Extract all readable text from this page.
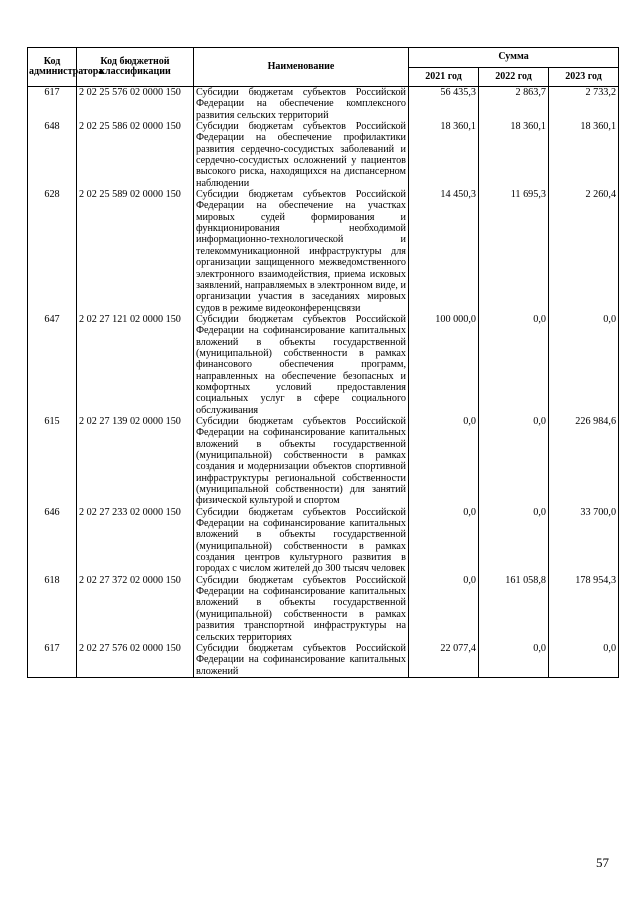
Код администратора	Код бюджетной классификации	Наименование	Сумма		
			2021 год	2022 год	2023 год
617	2 02 25 576 02 0000 150	Субсидии бюджетам субъектов Российской Федерации на обеспечение комплексного развития сельских территорий	56 435,3	2 863,7	2 733,2
648	2 02 25 586 02 0000 150	Субсидии бюджетам субъектов Российской Федерации на обеспечение профилактики развития сердечно-сосудистых заболеваний и сердечно-сосудистых осложнений у пациентов высокого риска, находящихся на диспансерном наблюдении	18 360,1	18 360,1	18 360,1
628	2 02 25 589 02 0000 150	Субсидии бюджетам субъектов Российской Федерации на обеспечение на участках мировых судей формирования и функционирования необходимой информационно-технологической и телекоммуникационной инфраструктуры для организации защищенного межведомственного электронного взаимодействия, приема исковых заявлений, направляемых в электронном виде, и организации участия в заседаниях мировых судов в режиме видеоконференцсвязи	14 450,3	11 695,3	2 260,4
647	2 02 27 121 02 0000 150	Субсидии бюджетам субъектов Российской Федерации на софинансирование капитальных вложений в объекты государственной (муниципальной) собственности в рамках финансового обеспечения программ, направленных на обеспечение безопасных и комфортных условий предоставления социальных услуг в сфере социального обслуживания	100 000,0	0,0	0,0
615	2 02 27 139 02 0000 150	Субсидии бюджетам субъектов Российской Федерации на софинансирование капитальных вложений в объекты государственной (муниципальной) собственности в рамках создания и модернизации объектов спортивной инфраструктуры региональной собственности (муниципальной собственности) для занятий физической культурой и спортом	0,0	0,0	226 984,6
646	2 02 27 233 02 0000 150	Субсидии бюджетам субъектов Российской Федерации на софинансирование капитальных вложений в объекты государственной (муниципальной) собственности в рамках создания центров культурного развития в городах с числом жителей до 300 тысяч человек	0,0	0,0	33 700,0
618	2 02 27 372 02 0000 150	Субсидии бюджетам субъектов Российской Федерации на софинансирование капитальных вложений в объекты государственной (муниципальной) собственности в рамках развития транспортной инфраструктуры на сельских территориях	0,0	161 058,8	178 954,3
617	2 02 27 576 02 0000 150	Субсидии бюджетам субъектов Российской Федерации на софинансирование капитальных вложений	22 077,4	0,0	0,0
57
